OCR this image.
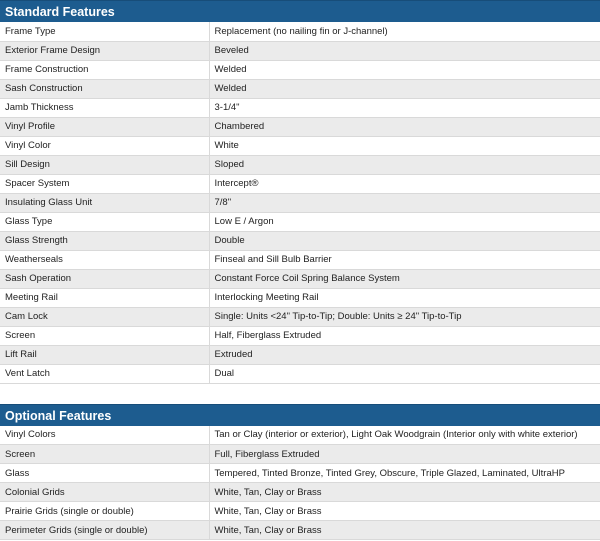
Standard Features
Frame Type	Replacement (no nailing fin or J-channel)
Exterior Frame Design	Beveled
Frame Construction	Welded
Sash Construction	Welded
Jamb Thickness	3-1/4"
Vinyl Profile	Chambered
Vinyl Color	White
Sill Design	Sloped
Spacer System	Intercept®
Insulating Glass Unit	7/8"
Glass Type	Low E / Argon
Glass Strength	Double
Weatherseals	Finseal and Sill Bulb Barrier
Sash Operation	Constant Force Coil Spring Balance System
Meeting Rail	Interlocking Meeting Rail
Cam Lock	Single: Units <24" Tip-to-Tip; Double: Units ≥ 24" Tip-to-Tip
Screen	Half, Fiberglass Extruded
Lift Rail	Extruded
Vent Latch	Dual
Optional Features
Vinyl Colors	Tan or Clay (interior or exterior), Light Oak Woodgrain (Interior only with white exterior)
Screen	Full, Fiberglass Extruded
Glass	Tempered, Tinted Bronze, Tinted Grey, Obscure, Triple Glazed, Laminated, UltraHP
Colonial Grids	White, Tan, Clay or Brass
Prairie Grids (single or double)	White, Tan, Clay or Brass
Perimeter Grids (single or double)	White, Tan, Clay or Brass
